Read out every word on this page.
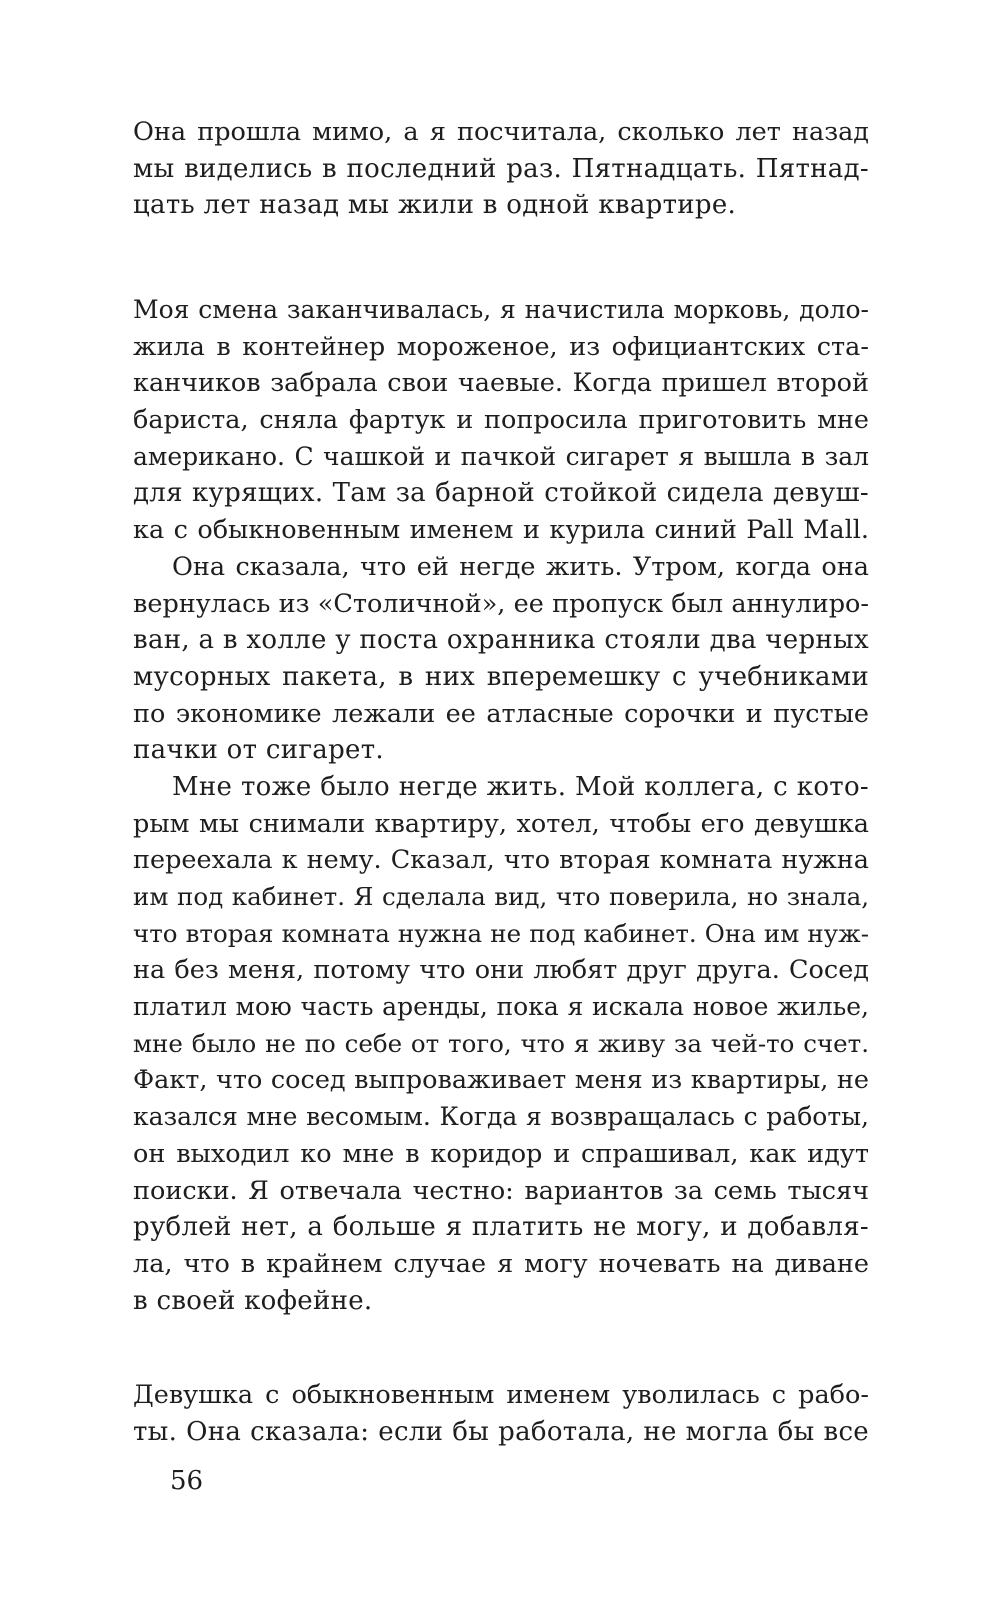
Она прошла мимо, а я посчитала, сколько лет назад
мы виделись в последний раз. Пятнадцать. Пятнад-
цать лет назад мы жили в одной квартире.
Моя смена заканчивалась, я начистила морковь, доло-
жила в контейнер мороженое, из официантских ста-
канчиков забрала свои чаевые. Когда пришел второй
бариста, сняла фартук и попросила приготовить мне
американо. С чашкой и пачкой сигарет я вышла в зал
для курящих. Там за барной стойкой сидела девуш-
ка с обыкновенным именем и курила синий Pall Mall.
Она сказала, что ей негде жить. Утром, когда она
вернулась из «Столичной», ее пропуск был аннулиро-
ван, а в холле у поста охранника стояли два черных
мусорных пакета, в них вперемешку с учебниками
по экономике лежали ее атласные сорочки и пустые
пачки от сигарет.
Мне тоже было негде жить. Мой коллега, с кото-
рым мы снимали квартиру, хотел, чтобы его девушка
переехала к нему. Сказал, что вторая комната нужна
им под кабинет. Я сделала вид, что поверила, но знала,
что вторая комната нужна не под кабинет. Она им нуж-
на без меня, потому что они любят друг друга. Сосед
платил мою часть аренды, пока я искала новое жилье,
мне было не по себе от того, что я живу за чей-то счет.
Факт, что сосед выпроваживает меня из квартиры, не
казался мне весомым. Когда я возвращалась с работы,
он выходил ко мне в коридор и спрашивал, как идут
поиски. Я отвечала честно: вариантов за семь тысяч
рублей нет, а больше я платить не могу, и добавля-
ла, что в крайнем случае я могу ночевать на диване
в своей кофейне.
Девушка с обыкновенным именем уволилась с рабо-
ты. Она сказала: если бы работала, не могла бы все
56
